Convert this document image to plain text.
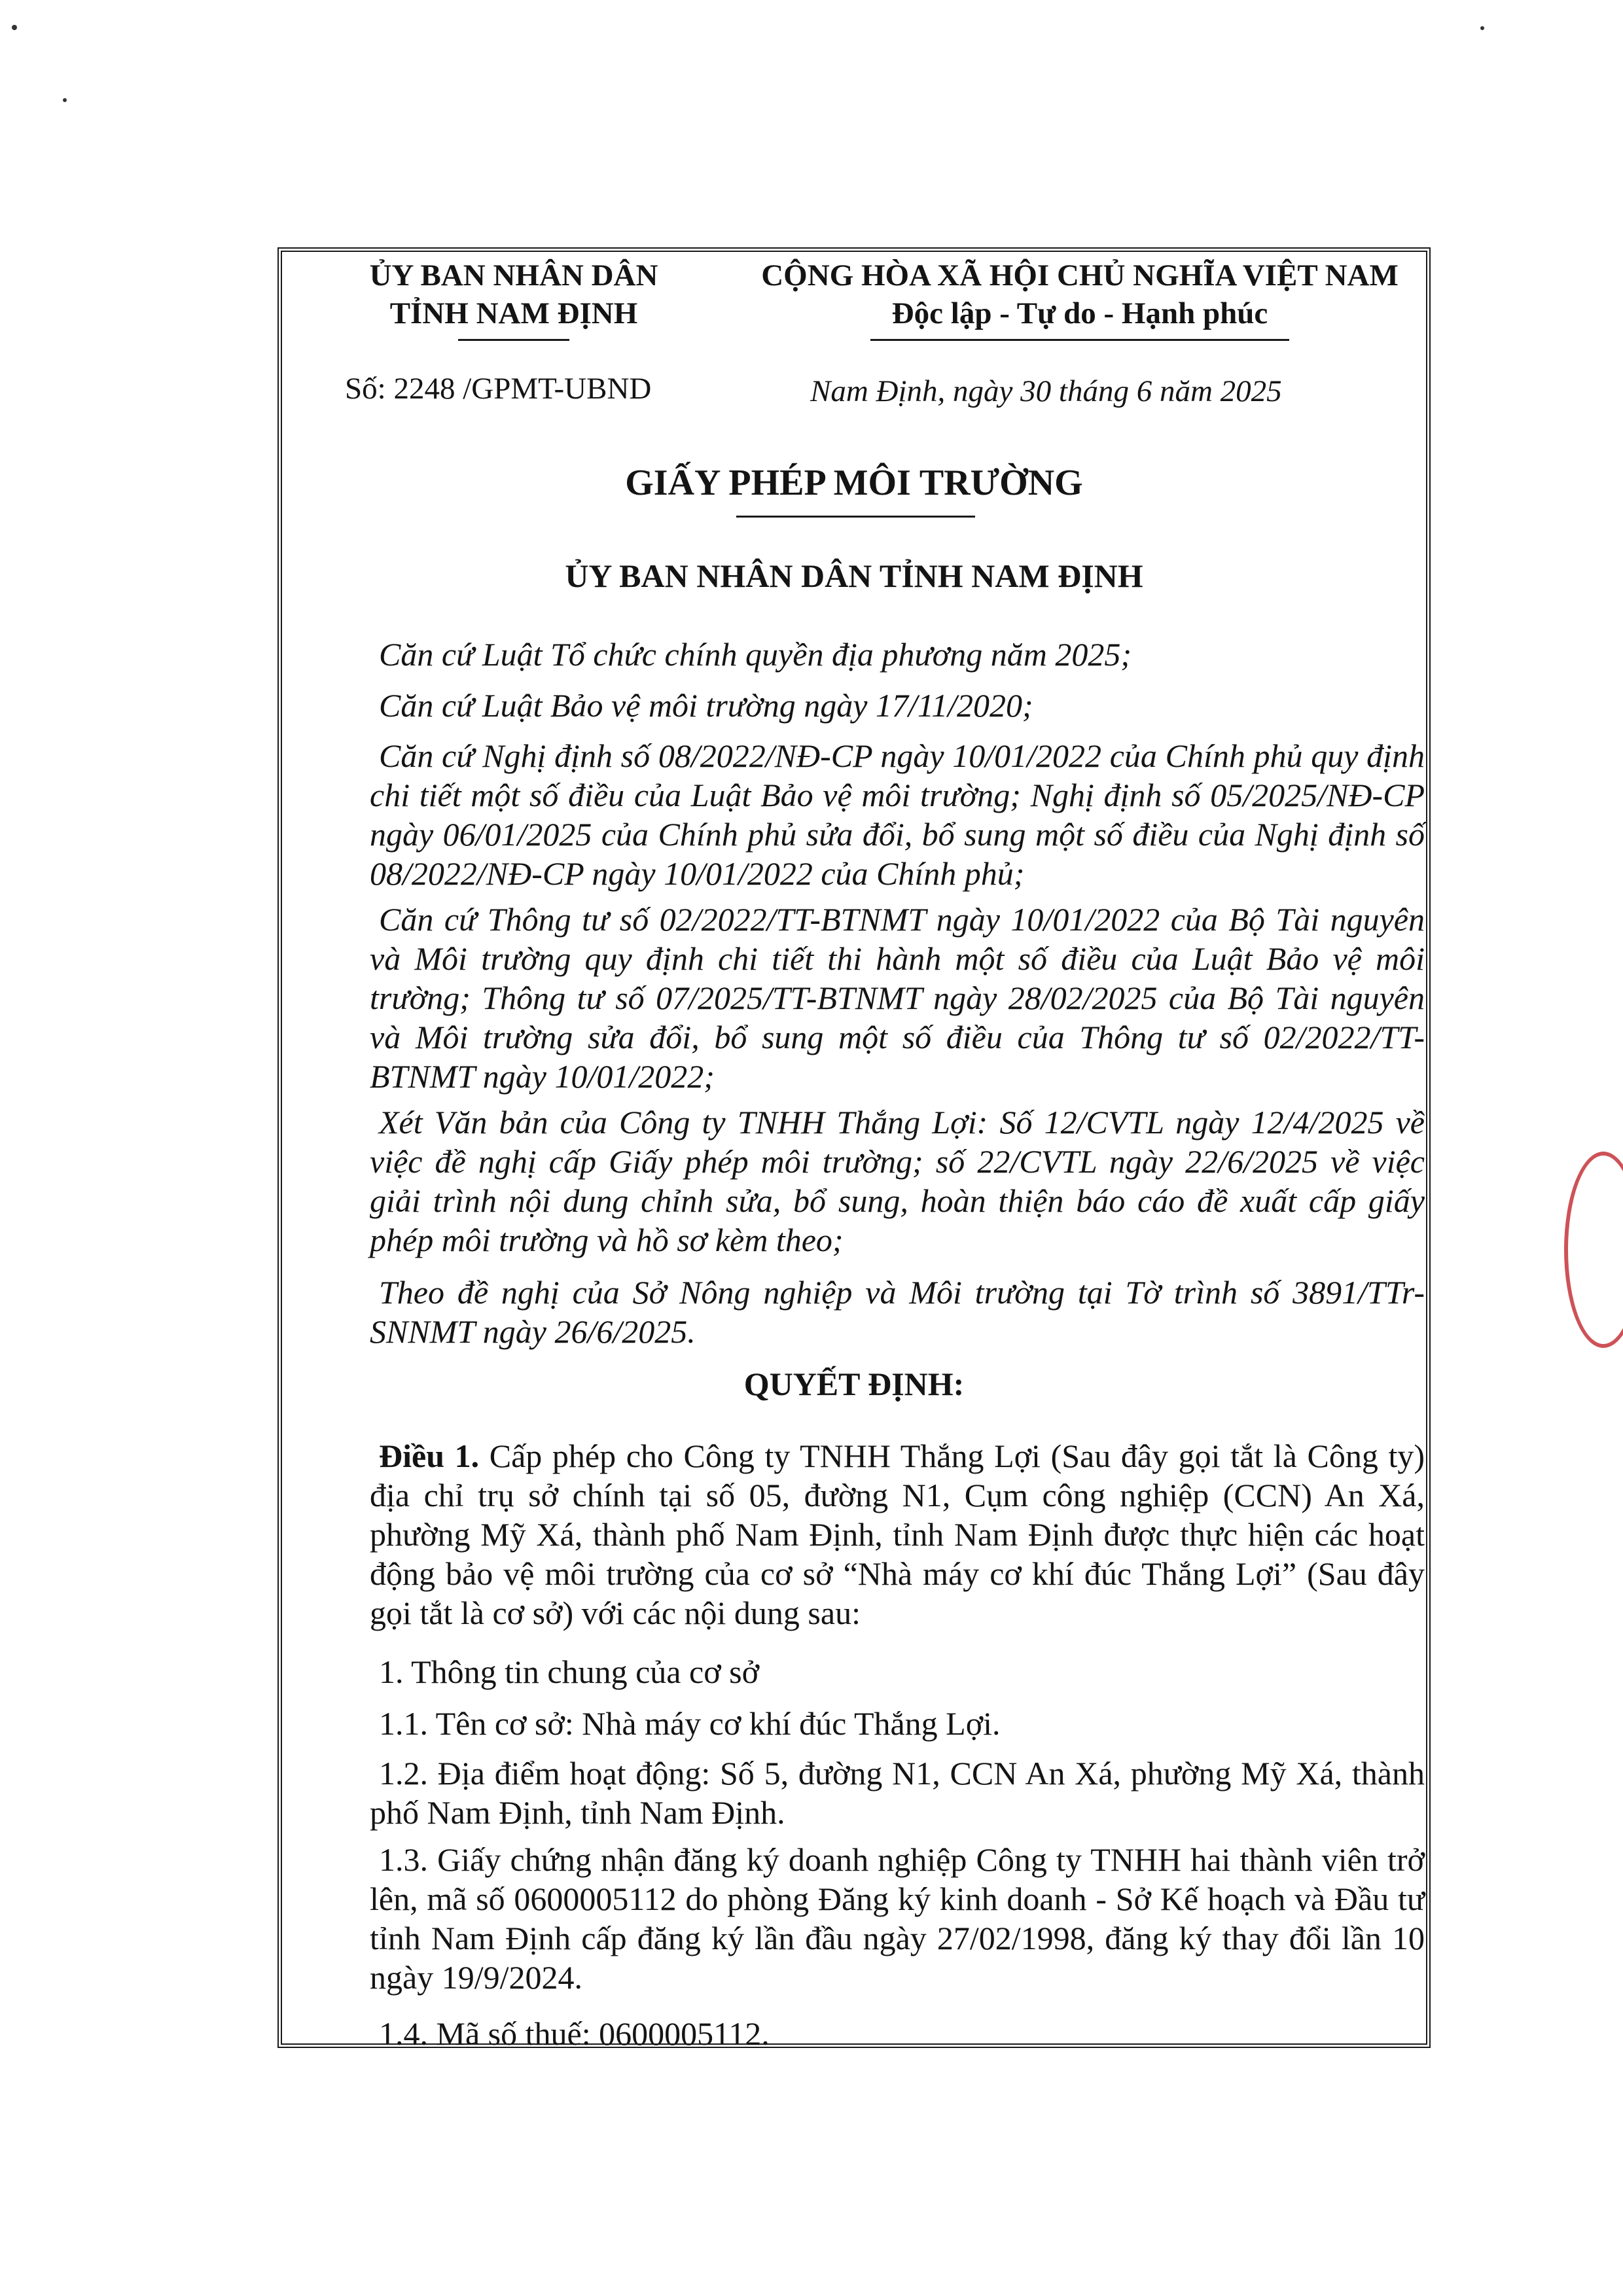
ỦY BAN NHÂN DÂN
TỈNH NAM ĐỊNH
CỘNG HÒA XÃ HỘI CHỦ NGHĨA VIỆT NAM
Độc lập - Tự do - Hạnh phúc
Số: 2248 /GPMT-UBND	Nam Định, ngày 30 tháng 6 năm 2025
GIẤY PHÉP MÔI TRƯỜNG
ỦY BAN NHÂN DÂN TỈNH NAM ĐỊNH
Căn cứ Luật Tổ chức chính quyền địa phương năm 2025;
Căn cứ Luật Bảo vệ môi trường ngày 17/11/2020;
Căn cứ Nghị định số 08/2022/NĐ-CP ngày 10/01/2022 của Chính phủ quy định chi tiết một số điều của Luật Bảo vệ môi trường; Nghị định số 05/2025/NĐ-CP ngày 06/01/2025 của Chính phủ sửa đổi, bổ sung một số điều của Nghị định số 08/2022/NĐ-CP ngày 10/01/2022 của Chính phủ;
Căn cứ Thông tư số 02/2022/TT-BTNMT ngày 10/01/2022 của Bộ Tài nguyên và Môi trường quy định chi tiết thi hành một số điều của Luật Bảo vệ môi trường; Thông tư số 07/2025/TT-BTNMT ngày 28/02/2025 của Bộ Tài nguyên và Môi trường sửa đổi, bổ sung một số điều của Thông tư số 02/2022/TT-BTNMT ngày 10/01/2022;
Xét Văn bản của Công ty TNHH Thắng Lợi: Số 12/CVTL ngày 12/4/2025 về việc đề nghị cấp Giấy phép môi trường; số 22/CVTL ngày 22/6/2025 về việc giải trình nội dung chỉnh sửa, bổ sung, hoàn thiện báo cáo đề xuất cấp giấy phép môi trường và hồ sơ kèm theo;
Theo đề nghị của Sở Nông nghiệp và Môi trường tại Tờ trình số 3891/TTr-SNNMT ngày 26/6/2025.
QUYẾT ĐỊNH:
Điều 1. Cấp phép cho Công ty TNHH Thắng Lợi (Sau đây gọi tắt là Công ty) địa chỉ trụ sở chính tại số 05, đường N1, Cụm công nghiệp (CCN) An Xá, phường Mỹ Xá, thành phố Nam Định, tỉnh Nam Định được thực hiện các hoạt động bảo vệ môi trường của cơ sở “Nhà máy cơ khí đúc Thắng Lợi” (Sau đây gọi tắt là cơ sở) với các nội dung sau:
1. Thông tin chung của cơ sở
1.1. Tên cơ sở: Nhà máy cơ khí đúc Thắng Lợi.
1.2. Địa điểm hoạt động: Số 5, đường N1, CCN An Xá, phường Mỹ Xá, thành phố Nam Định, tỉnh Nam Định.
1.3. Giấy chứng nhận đăng ký doanh nghiệp Công ty TNHH hai thành viên trở lên, mã số 0600005112 do phòng Đăng ký kinh doanh - Sở Kế hoạch và Đầu tư tỉnh Nam Định cấp đăng ký lần đầu ngày 27/02/1998, đăng ký thay đổi lần 10 ngày 19/9/2024.
1.4. Mã số thuế: 0600005112.
